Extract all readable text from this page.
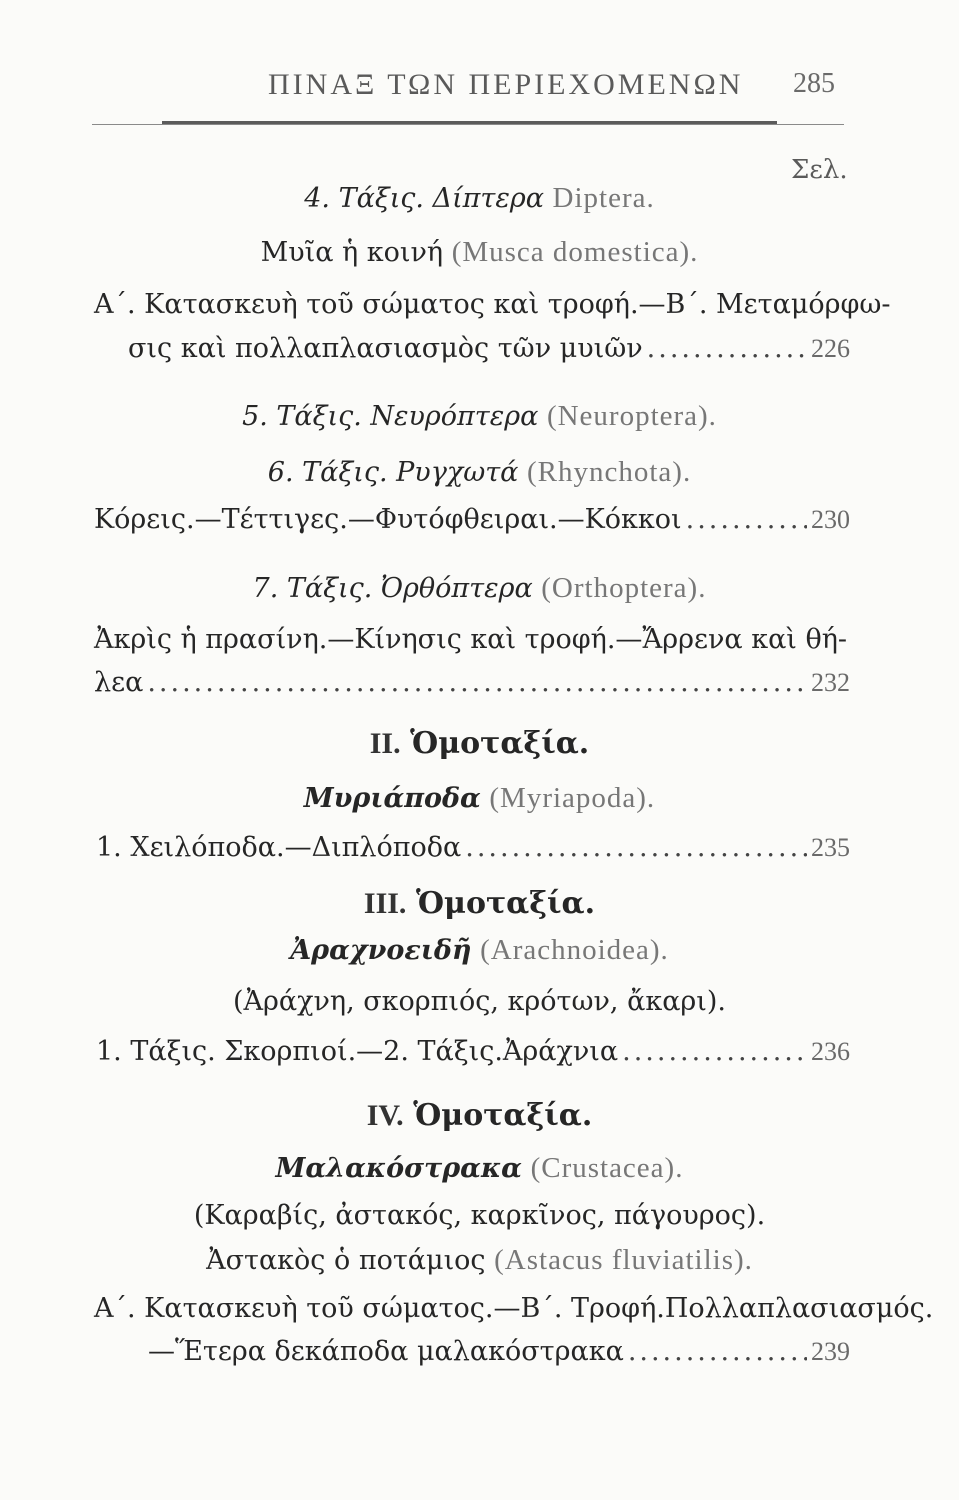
ΠΙΝΑΞ ΤΩΝ ΠΕΡΙΕΧΟΜΕΝΩΝ 285
Σελ.
4. Τάξις. Δίπτερα Diptera.
Μυῖα ἡ κοινή (Musca domestica).
Α΄. Κατασκευὴ τοῦ σώματος καὶ τροφή.—Β΄. Μεταμόρφω-
σις καὶ πολλαπλασιασμὸς τῶν μυιῶν .....	226
5. Τάξις. Νευρόπτερα (Neuroptera).
6. Τάξις. Ρυγχωτά (Rhynchota).
Κόρεις.—Τέττιγες.—Φυτόφθειραι.—Κόκκοι .....	230
7. Τάξις. Ὀρθόπτερα (Orthoptera).
Ἀκρὶς ἡ πρασίνη.—Κίνησις καὶ τροφή.—Ἄρρενα καὶ θή-
λεα .....	232
II. Ὁμοταξία.
Μυριάποδα (Myriapoda).
1. Χειλόποδα.—Διπλόποδα .....	235
III. Ὁμοταξία.
Ἀραχνοειδῆ (Arachnoidea).
(Ἀράχνη, σκορπιός, κρότων, ἄκαρι).
1. Τάξις. Σκορπιοί.—2. Τάξις.Ἀράχνια .....	236
IV. Ὁμοταξία.
Μαλακόστρακα (Crustacea).
(Καραβίς, ἀστακός, καρκῖνος, πάγουρος).
Ἀστακὸς ὁ ποτάμιος (Astacus fluviatilis).
Α΄. Κατασκευὴ τοῦ σώματος.—Β΄. Τροφή.Πολλαπλασιασμός.
—Ἕτερα δεκάποδα μαλακόστρακα .....	239
